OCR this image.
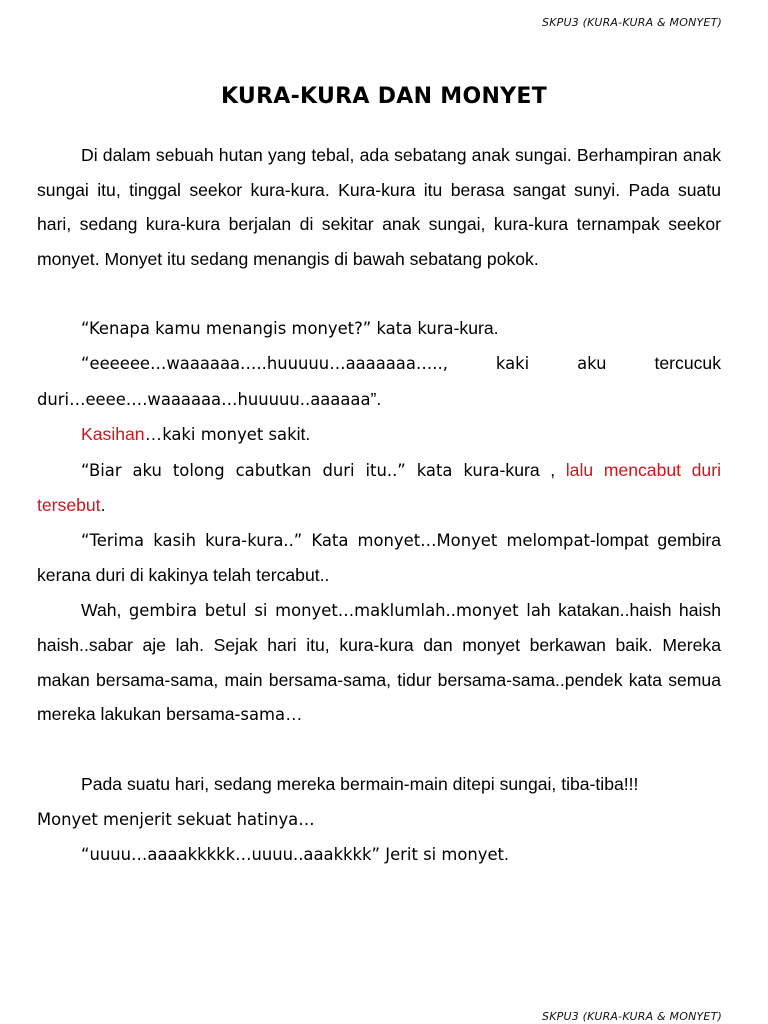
SKPU3 (KURA-KURA & MONYET)
KURA-KURA DAN MONYET

Di dalam sebuah hutan yang tebal, ada sebatang anak sungai. Berhampiran anak sungai itu, tinggal seekor kura-kura. Kura-kura itu berasa sangat sunyi. Pada suatu hari, sedang kura-kura berjalan di sekitar anak sungai, kura-kura ternampak seekor monyet. Monyet itu sedang menangis di bawah sebatang pokok.

“Kenapa kamu menangis monyet?” kata kura-kura.

“eeeeee…waaaaaa…..huuuuu…aaaaaaa…..,	kaki	aku	tercucuk

duri…eeee….waaaaaa…huuuuu..aaaaaa”.

Kasihan…kaki monyet sakit.

“Biar aku tolong cabutkan duri itu..” kata kura-kura , lalu mencabut duri tersebut.

“Terima kasih kura-kura..” Kata monyet…Monyet melompat-lompat gembira kerana duri di kakinya telah tercabut..

Wah, gembira betul si monyet…maklumlah..monyet lah katakan..haish haish haish..sabar aje lah. Sejak hari itu, kura-kura dan monyet berkawan baik. Mereka makan bersama-sama, main bersama-sama, tidur bersama-sama..pendek kata semua mereka lakukan bersama-sama…

Pada suatu hari, sedang mereka bermain-main ditepi sungai, tiba-tiba!!!

Monyet menjerit sekuat hatinya…

“uuuu…aaaakkkkk…uuuu..aaakkkk” Jerit si monyet.

SKPU3 (KURA-KURA & MONYET)
